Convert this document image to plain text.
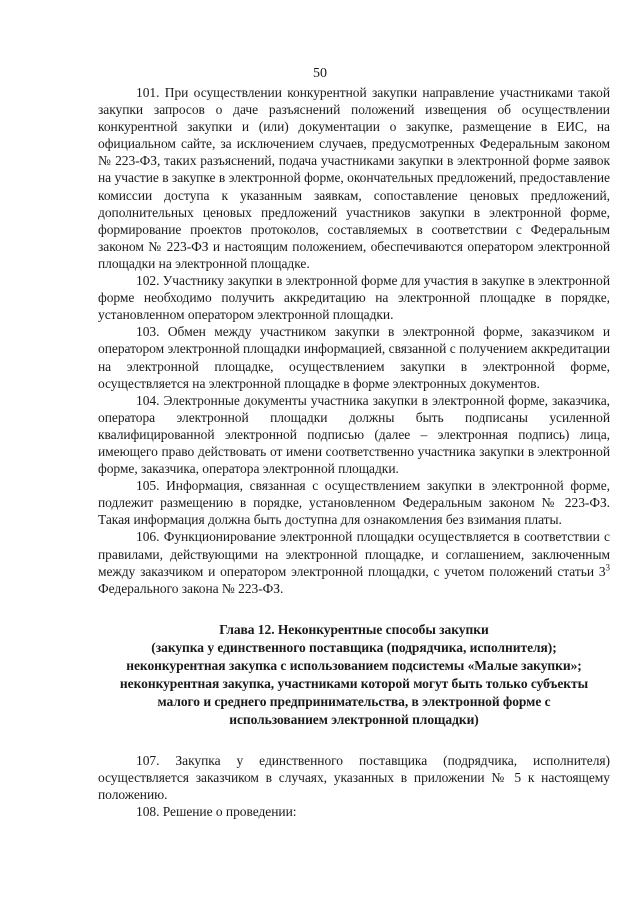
50

101. При осуществлении конкурентной закупки направление участниками такой закупки запросов о даче разъяснений положений извещения об осуществлении конкурентной закупки и (или) документации о закупке, размещение в ЕИС, на официальном сайте, за исключением случаев, предусмотренных Федеральным законом № 223-ФЗ, таких разъяснений, подача участниками закупки в электронной форме заявок на участие в закупке в электронной форме, окончательных предложений, предоставление комиссии доступа к указанным заявкам, сопоставление ценовых предложений, дополнительных ценовых предложений участников закупки в электронной форме, формирование проектов протоколов, составляемых в соответствии с Федеральным законом № 223-ФЗ и настоящим положением, обеспечиваются оператором электронной площадки на электронной площадке.

102. Участнику закупки в электронной форме для участия в закупке в электронной форме необходимо получить аккредитацию на электронной площадке в порядке, установленном оператором электронной площадки.

103. Обмен между участником закупки в электронной форме, заказчиком и оператором электронной площадки информацией, связанной с получением аккредитации на электронной площадке, осуществлением закупки в электронной форме, осуществляется на электронной площадке в форме электронных документов.

104. Электронные документы участника закупки в электронной форме, заказчика, оператора электронной площадки должны быть подписаны усиленной квалифицированной электронной подписью (далее – электронная подпись) лица, имеющего право действовать от имени соответственно участника закупки в электронной форме, заказчика, оператора электронной площадки.

105. Информация, связанная с осуществлением закупки в электронной форме, подлежит размещению в порядке, установленном Федеральным законом № 223-ФЗ. Такая информация должна быть доступна для ознакомления без взимания платы.

106. Функционирование электронной площадки осуществляется в соответствии с правилами, действующими на электронной площадке, и соглашением, заключенным между заказчиком и оператором электронной площадки, с учетом положений статьи $3^3$ Федерального закона № 223-ФЗ.

Глава 12. Неконкурентные способы закупки
(закупка у единственного поставщика (подрядчика, исполнителя);
неконкурентная закупка с использованием подсистемы «Малые закупки»;
неконкурентная закупка, участниками которой могут быть только субъекты
малого и среднего предпринимательства, в электронной форме с
использованием электронной площадки)

107. Закупка у единственного поставщика (подрядчика, исполнителя) осуществляется заказчиком в случаях, указанных в приложении № 5 к настоящему положению.

108. Решение о проведении:
